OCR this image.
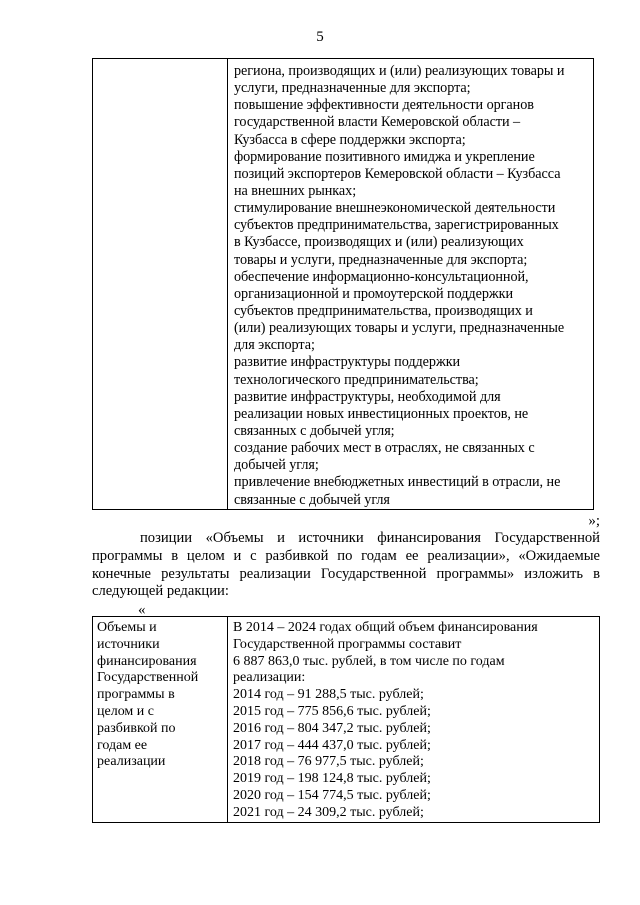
5

региона, производящих и (или) реализующих товары и
услуги, предназначенные для экспорта;
повышение эффективности деятельности органов
государственной власти Кемеровской области –
Кузбасса в сфере поддержки экспорта;
формирование позитивного имиджа и укрепление
позиций экспортеров Кемеровской области – Кузбасса
на внешних рынках;
стимулирование внешнеэкономической деятельности
субъектов предпринимательства, зарегистрированных
в Кузбассе, производящих и (или) реализующих
товары и услуги, предназначенные для экспорта;
обеспечение информационно-консультационной,
организационной и промоутерской поддержки
субъектов предпринимательства, производящих и
(или) реализующих товары и услуги, предназначенные
для экспорта;
развитие инфраструктуры поддержки
технологического предпринимательства;
развитие инфраструктуры, необходимой для
реализации новых инвестиционных проектов, не
связанных с добычей угля;
создание рабочих мест в отраслях, не связанных с
добычей угля;
привлечение внебюджетных инвестиций в отрасли, не
связанные с добычей угля
»;
позиции «Объемы и источники финансирования Государственной
программы в целом и с разбивкой по годам ее реализации», «Ожидаемые
конечные результаты реализации Государственной программы» изложить в
следующей редакции:
«
Объемы и
источники
финансирования
Государственной
программы в
целом и с
разбивкой по
годам ее
реализации

В 2014 – 2024 годах общий объем финансирования
Государственной программы составит
6 887 863,0 тыс. рублей, в том числе по годам
реализации:
2014 год – 91 288,5 тыс. рублей;
2015 год – 775 856,6 тыс. рублей;
2016 год – 804 347,2 тыс. рублей;
2017 год – 444 437,0 тыс. рублей;
2018 год – 76 977,5 тыс. рублей;
2019 год – 198 124,8 тыс. рублей;
2020 год – 154 774,5 тыс. рублей;
2021 год – 24 309,2 тыс. рублей;
